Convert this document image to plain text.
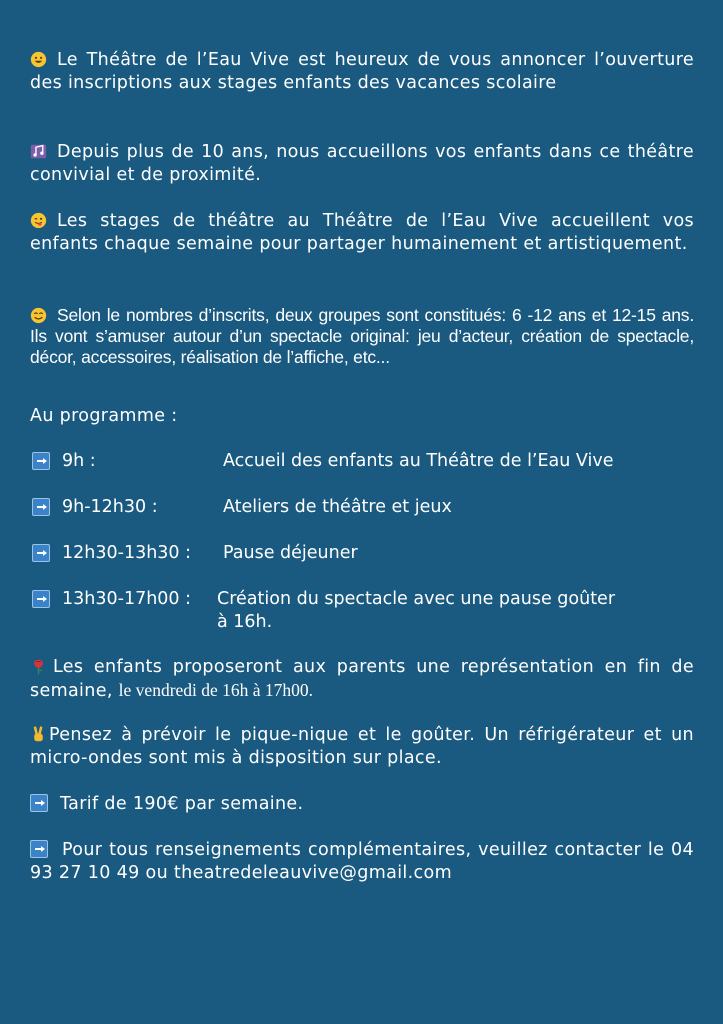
Le Théâtre de l’Eau Vive est heureux de vous annoncer l’ouverture des inscriptions aux stages enfants des vacances scolaire

Depuis plus de 10 ans, nous accueillons vos enfants dans ce théâtre convivial et de proximité.

Les stages de théâtre au Théâtre de l’Eau Vive accueillent vos enfants chaque semaine pour partager humainement et artistiquement.

Selon le nombres d’inscrits, deux groupes sont constitués: 6 -12 ans et 12-15 ans. Ils vont s’amuser autour d’un spectacle original: jeu d’acteur, création de spectacle, décor, accessoires, réalisation de l’affiche, etc...

Au programme :
9h :	Accueil des enfants au Théâtre de l’Eau Vive
9h-12h30 :	Ateliers de théâtre et jeux
12h30-13h30 : Pause déjeuner
13h30-17h00 : Création du spectacle avec une pause goûter
à 16h.

Les enfants proposeront aux parents une représentation en fin de semaine, le vendredi de 16h à 17h00.

Pensez à prévoir le pique-nique et le goûter. Un réfrigérateur et un micro-ondes sont mis à disposition sur place.

Tarif de 190€ par semaine.

Pour tous renseignements complémentaires, veuillez contacter le 04 93 27 10 49 ou theatredeleauvive@gmail.com
